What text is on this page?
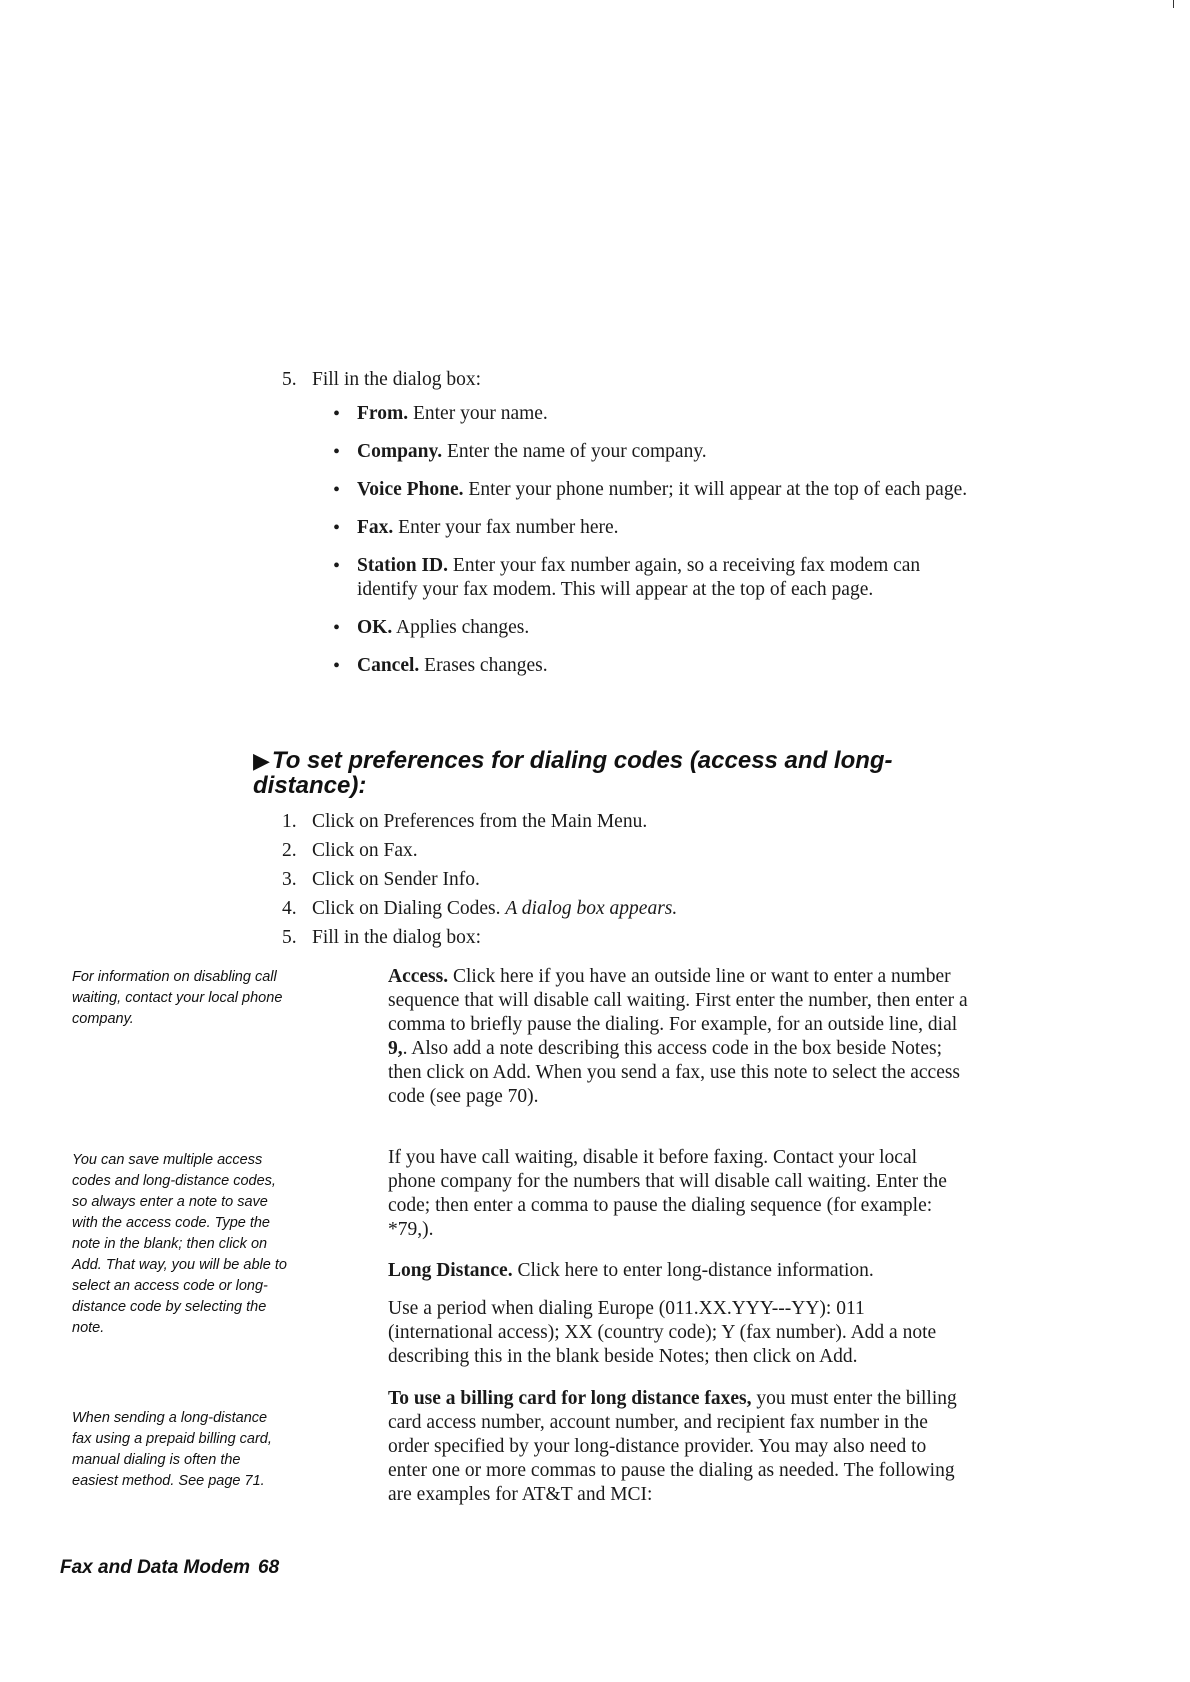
5. Fill in the dialog box:
• From. Enter your name.
• Company. Enter the name of your company.
• Voice Phone. Enter your phone number; it will appear at the top of each page.
• Fax. Enter your fax number here.
• Station ID. Enter your fax number again, so a receiving fax modem can identify your fax modem. This will appear at the top of each page.
• OK. Applies changes.
• Cancel. Erases changes.
▶To set preferences for dialing codes (access and long-distance):
1. Click on Preferences from the Main Menu.
2. Click on Fax.
3. Click on Sender Info.
4. Click on Dialing Codes. A dialog box appears.
5. Fill in the dialog box:

Access. Click here if you have an outside line or want to enter a number sequence that will disable call waiting. First enter the number, then enter a comma to briefly pause the dialing. For example, for an outside line, dial 9,. Also add a note describing this access code in the box beside Notes; then click on Add. When you send a fax, use this note to select the access code (see page 70).

If you have call waiting, disable it before faxing. Contact your local phone company for the numbers that will disable call waiting. Enter the code; then enter a comma to pause the dialing sequence (for example: *79,).

Long Distance. Click here to enter long-distance information.

Use a period when dialing Europe (011.XX.YYY---YY): 011 (international access); XX (country code); Y (fax number). Add a note describing this in the blank beside Notes; then click on Add.

To use a billing card for long distance faxes, you must enter the billing card access number, account number, and recipient fax number in the order specified by your long-distance provider. You may also need to enter one or more commas to pause the dialing as needed. The following are examples for AT&T and MCI:

For information on disabling call waiting, contact your local phone company.
You can save multiple access codes and long-distance codes, so always enter a note to save with the access code. Type the note in the blank; then click on Add. That way, you will be able to select an access code or long-distance code by selecting the note.
When sending a long-distance fax using a prepaid billing card, manual dialing is often the easiest method. See page 71.
Fax and Data Modem 68
